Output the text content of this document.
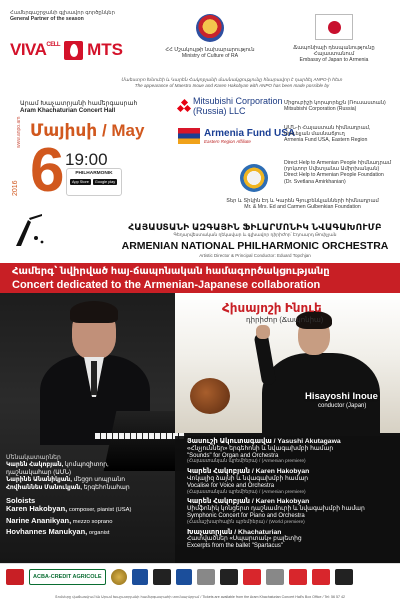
Համերգաշրջանի գլխավոր գործընկեր
General Partner of the season
$VIVA^{CELL}$ MTS	ՀՀ Մշակույթի նախարարություն
Ministry of Culture of RA
Ճապոնիայի դեսպանությունը
Հայաստանում
Embassy of Japan to Armenia
Մաեստրո Խնուեի և Կարեն Հակոբյանի մասնակցությունը հնարավոր է դարձել ANPO-ի հետ
The appearance of Maestro Inoue and Karen Hakobyan with ANPO has been made possible by
Արամ Խաչատրյանի համերգասրահ
Aram Khachaturian Concert Hall
Մայիսի / May
www.anpo.am
6
2016
19:00
PHILHARMONIK
App Store	Google play
Mitsubishi Corporation
(Russia) LLC
Միցուբիշի կորպորեյշն (Ռուսաստան)
Mitsubishi Corporation (Russia)
Armenia Fund USA
Eastern Region Affiliate
ԱՄՆ-ի Հայաստան հիմնադրամ,
Արևելյան մասնաճյուղ
Armenia Fund USA, Eastern Region
Direct Help to Armenian People հիմնադրամ
(դոկտոր Սվետլանա Ամիրխանյան)
Direct Help to Armenian People Foundation
(Dr. Svetlana Amirkhanian)
Տեր և Տիկին Էդ և Կարեն Գյուլբենկյանների հիմնադրամ
Mr. & Mrs. Ed and Carmen Gulbenkian Foundation
ՀԱՅԱՍՏԱՆԻ ԱԶԳԱՅԻՆ ՖԻԼԱՐՄՈՆԻԿ ՆՎԱԳԱԽՈՒՄԲ
Գեղարվեստական ղեկավար և գլխավոր դիրիժոր՝ Էդուարդ Թոփչյան
ARMENIAN NATIONAL PHILHARMONIC ORCHESTRA
Artistic Director & Principal Conductor: Eduard Topchjan
Համերգ՝ նվիրված հայ-ճապոնական համագործակցությանը
Concert dedicated to the Armenian-Japanese collaboration
Հիսայոշի Ինուե
դիրիժոր (Ճապոնիա)
Hisayoshi Inoue
conductor (Japan)
Մենակատարներ
Կարեն Հակոբյան, կոմպոզիտոր,
դաշնակահար (ԱՄՆ)
Նարինե Անանիկյան, մեցցո սոպրանո
Հովհաննես Մանուկյան, երգեհոնահար
Soloists
Karen Hakobyan, composer, pianist (USA)
Narine Ananikyan, mezzo soprano
Hovhannes Manukyan, organist
Յասուշի Ակուտագավա / Yasushi Akutagawa
«Հնչյուններ» երգեհոնի և նվագախմբի համար
"Sounds" for Organ and Orchestra
(Հայաստանյան պրեմիերա) / (Armenian premiere)
Կարեն Հակոբյան / Karen Hakobyan
Վոկալիզ ձայնի և նվագախմբի համար
Vocalise for Voice and Orchestra
(Հայաստանյան պրեմիերա) / (Armenian premiere)
Կարեն Հակոբյան / Karen Hakobyan
Սիմֆոնիկ կոնցերտ դաշնամուրի և նվագախմբի համար
Symphonic Concert for Piano and Orchestra
(Համաշխարհային պրեմիերա) / (World premiere)
Խաչատրյան / Khachaturian
Հատվածներ «Սպարտակ» բալետից
Excerpts from the ballet "Spartacus"
ACBA-CREDIT AGRICOLE
Տոմսերը վաճառվում են Արամ Խաչատրյանի համերգասրահի տոմսարկղում / Tickets are available from the Aram Khachaturian Concert Hall's Box Office / Tel: 56 57 42
